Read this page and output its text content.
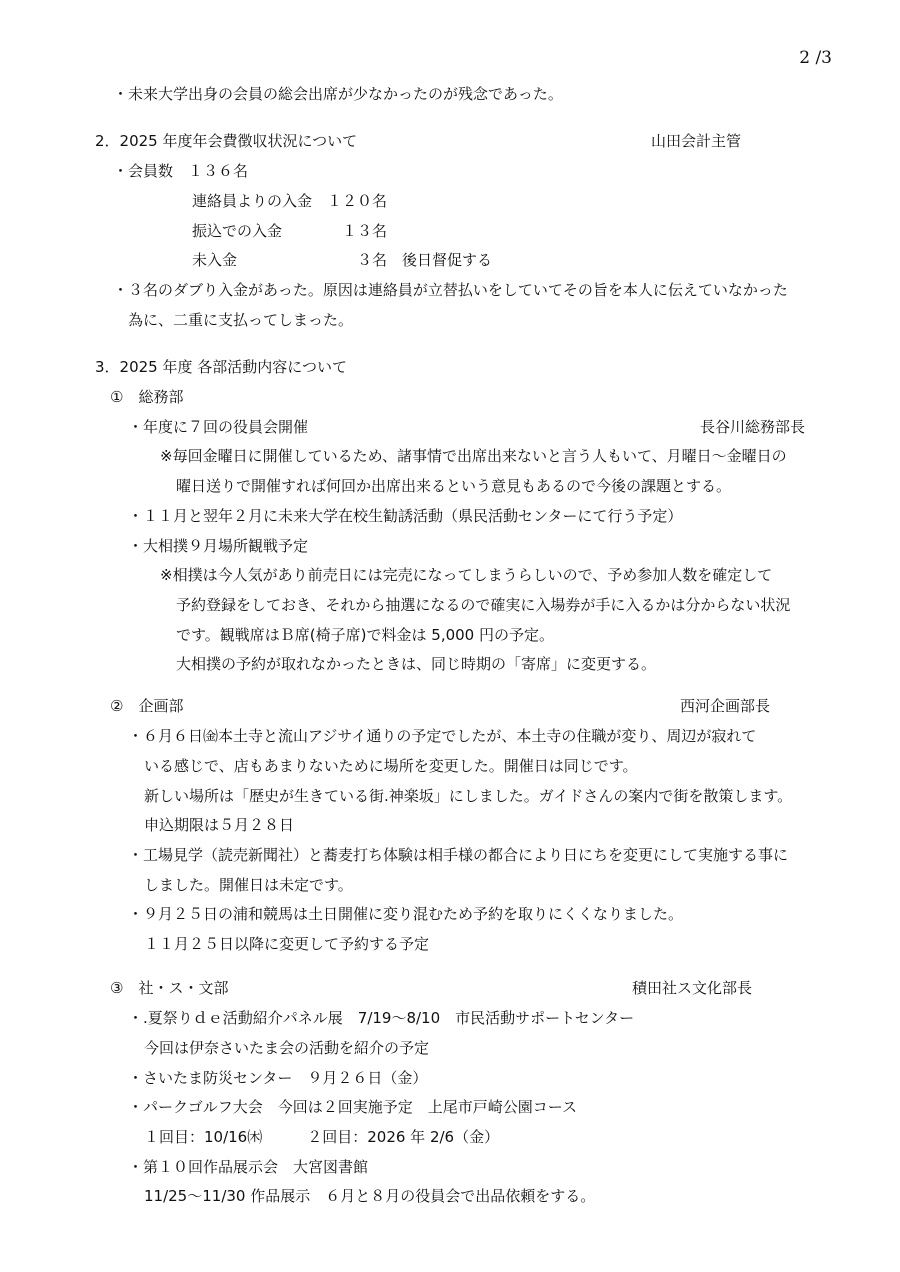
2 /3
・未来大学出身の会員の総会出席が少なかったのが残念であった。
2．2025 年度年会費徴収状況について	山田会計主管
・会員数　１３６名
連絡員よりの入金　１２０名
振込での入金　　　　１３名
未入金　　　　　　　　３名　後日督促する
・３名のダブり入金があった。原因は連絡員が立替払いをしていてその旨を本人に伝えていなかった
為に、二重に支払ってしまった。
3．2025 年度 各部活動内容について
①　総務部
・年度に７回の役員会開催	長谷川総務部長
※毎回金曜日に開催しているため、諸事情で出席出来ないと言う人もいて、月曜日～金曜日の
曜日送りで開催すれば何回か出席出来るという意見もあるので今後の課題とする。
・１１月と翌年２月に未来大学在校生勧誘活動（県民活動センターにて行う予定）
・大相撲９月場所観戦予定
※相撲は今人気があり前売日には完売になってしまうらしいので、予め参加人数を確定して
予約登録をしておき、それから抽選になるので確実に入場券が手に入るかは分からない状況
です。観戦席はＢ席(椅子席)で料金は 5,000 円の予定。
大相撲の予約が取れなかったときは、同じ時期の「寄席」に変更する。
②　企画部	西河企画部長
・６月６日㈮本土寺と流山アジサイ通りの予定でしたが、本土寺の住職が変り、周辺が寂れて
いる感じで、店もあまりないために場所を変更した。開催日は同じです。
新しい場所は「歴史が生きている街.神楽坂」にしました。ガイドさんの案内で街を散策します。
申込期限は５月２８日
・工場見学（読売新聞社）と蕎麦打ち体験は相手様の都合により日にちを変更にして実施する事に
しました。開催日は未定です。
・９月２５日の浦和競馬は土日開催に変り混むため予約を取りにくくなりました。
１１月２５日以降に変更して予約する予定
③　社・ス・文部	積田社ス文化部長
・.夏祭りｄｅ活動紹介パネル展　7/19～8/10　市民活動サポートセンター
今回は伊奈さいたま会の活動を紹介の予定
・さいたま防災センター　９月２６日（金）
・パークゴルフ大会　今回は２回実施予定　上尾市戸崎公園コース
１回目：10/16㈭　　　２回目：2026 年 2/6（金）
・第１０回作品展示会　大宮図書館
11/25～11/30 作品展示　６月と８月の役員会で出品依頼をする。
